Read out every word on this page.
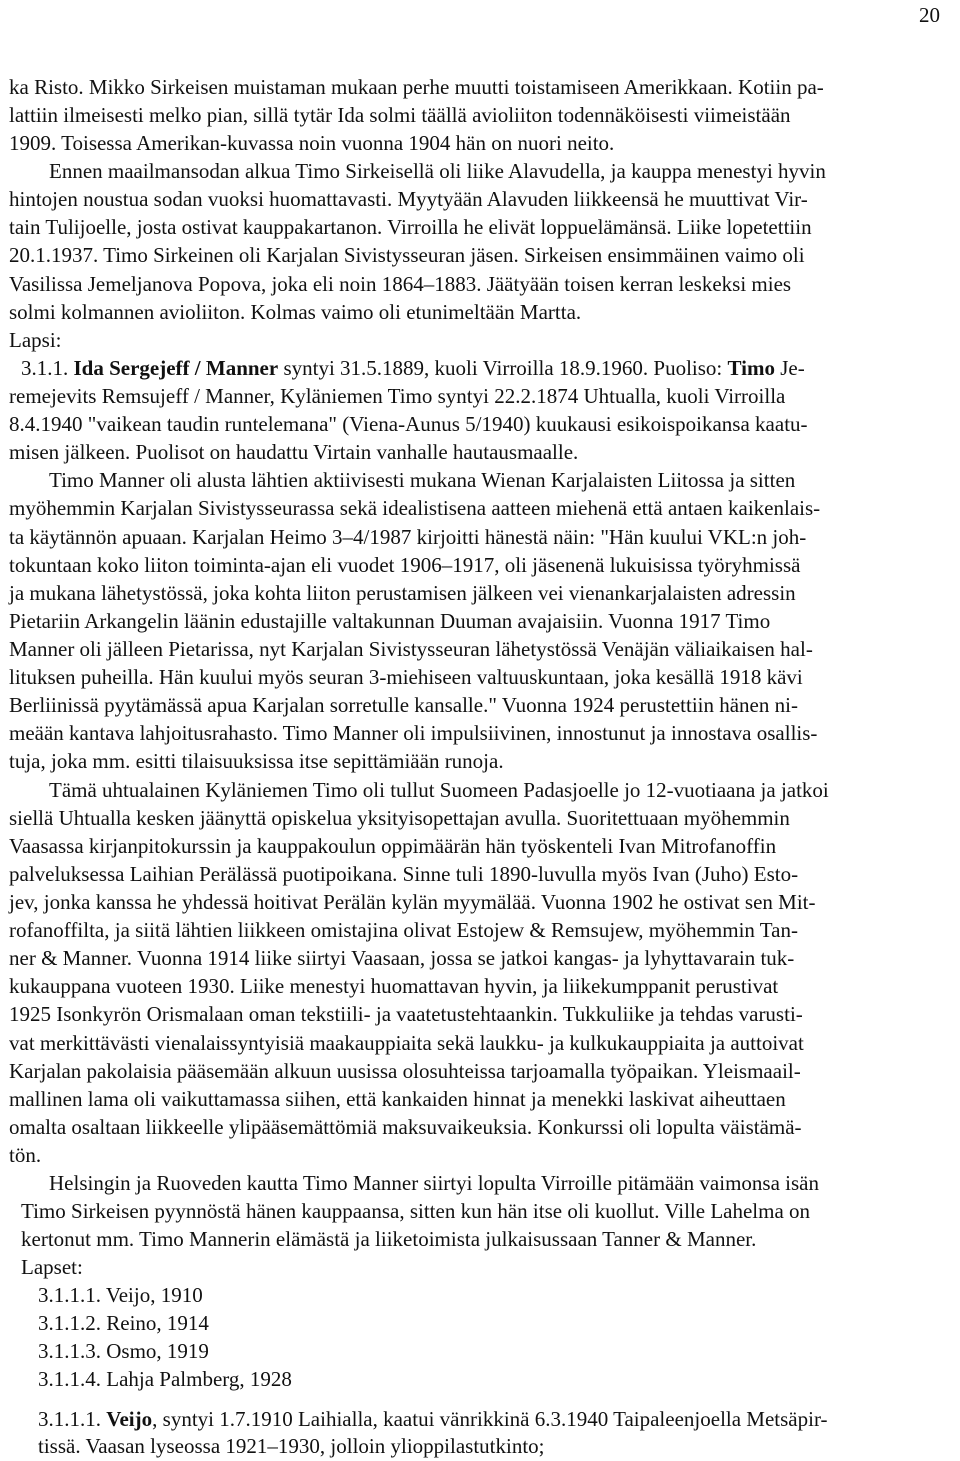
20
ka Risto. Mikko Sirkeisen muistaman mukaan perhe muutti toistamiseen Amerikkaan. Kotiin pa-
lattiin ilmeisesti melko pian, sillä tytär Ida solmi täällä avioliiton todennäköisesti viimeistään
1909. Toisessa Amerikan-kuvassa noin vuonna 1904 hän on nuori neito.
Ennen maailmansodan alkua Timo Sirkeisellä oli liike Alavudella, ja kauppa menestyi hyvin
hintojen noustua sodan vuoksi huomattavasti. Myytyään Alavuden liikkeensä he muuttivat Vir-
tain Tulijoelle, josta ostivat kauppakartanon. Virroilla he elivät loppuelämänsä. Liike lopetettiin
20.1.1937. Timo Sirkeinen oli Karjalan Sivistysseuran jäsen. Sirkeisen ensimmäinen vaimo oli
Vasilissa Jemeljanova Popova, joka eli noin 1864–1883. Jäätyään toisen kerran leskeksi mies
solmi kolmannen avioliiton. Kolmas vaimo oli etunimeltään Martta.
Lapsi:
3.1.1. Ida Sergejeff / Manner syntyi 31.5.1889, kuoli Virroilla 18.9.1960. Puoliso: Timo Je-
remejevits Remsujeff / Manner, Kyläniemen Timo syntyi 22.2.1874 Uhtualla, kuoli Virroilla
8.4.1940 "vaikean taudin runtelemana" (Viena-Aunus 5/1940) kuukausi esikoispoikansa kaatu-
misen jälkeen. Puolisot on haudattu Virtain vanhalle hautausmaalle.
Timo Manner oli alusta lähtien aktiivisesti mukana Wienan Karjalaisten Liitossa ja sitten
myöhemmin Karjalan Sivistysseurassa sekä idealistisena aatteen miehenä että antaen kaikenlais-
ta käytännön apuaan. Karjalan Heimo 3–4/1987 kirjoitti hänestä näin: "Hän kuului VKL:n joh-
tokuntaan koko liiton toiminta-ajan eli vuodet 1906–1917, oli jäsenenä lukuisissa työryhmissä
ja mukana lähetystössä, joka kohta liiton perustamisen jälkeen vei vienankarjalaisten adressin
Pietariin Arkangelin läänin edustajille valtakunnan Duuman avajaisiin. Vuonna 1917 Timo
Manner oli jälleen Pietarissa, nyt Karjalan Sivistysseuran lähetystössä Venäjän väliaikaisen hal-
lituksen puheilla. Hän kuului myös seuran 3-miehiseen valtuuskuntaan, joka kesällä 1918 kävi
Berliinissä pyytämässä apua Karjalan sorretulle kansalle." Vuonna 1924 perustettiin hänen ni-
meään kantava lahjoitusrahasto. Timo Manner oli impulsiivinen, innostunut ja innostava osallis-
tuja, joka mm. esitti tilaisuuksissa itse sepittämiään runoja.
Tämä uhtualainen Kyläniemen Timo oli tullut Suomeen Padasjoelle jo 12-vuotiaana ja jatkoi
siellä Uhtualla kesken jäänyttä opiskelua yksityisopettajan avulla. Suoritettuaan myöhemmin
Vaasassa kirjanpitokurssin ja kauppakoulun oppimäärän hän työskenteli Ivan Mitrofanoffin
palveluksessa Laihian Perälässä puotipoikana. Sinne tuli 1890-luvulla myös Ivan (Juho) Esto-
jev, jonka kanssa he yhdessä hoitivat Perälän kylän myymälää. Vuonna 1902 he ostivat sen Mit-
rofanoffilta, ja siitä lähtien liikkeen omistajina olivat Estojew & Remsujew, myöhemmin Tan-
ner & Manner. Vuonna 1914 liike siirtyi Vaasaan, jossa se jatkoi kangas- ja lyhyttavarain tuk-
kukauppana vuoteen 1930. Liike menestyi huomattavan hyvin, ja liikekumppanit perustivat
1925 Isonkyrön Orismalaan oman tekstiili- ja vaatetustehtaankin. Tukkuliike ja tehdas varusti-
vat merkittävästi vienalaissyntyisiä maakauppiaita sekä laukku- ja kulkukauppiaita ja auttoivat
Karjalan pakolaisia pääsemään alkuun uusissa olosuhteissa tarjoamalla työpaikan. Yleismaail-
mallinen lama oli vaikuttamassa siihen, että kankaiden hinnat ja menekki laskivat aiheuttaen
omalta osaltaan liikkeelle ylipääsemättömiä maksuvaikeuksia. Konkurssi oli lopulta väistämä-
tön.
Helsingin ja Ruoveden kautta Timo Manner siirtyi lopulta Virroille pitämään vaimonsa isän
Timo Sirkeisen pyynnöstä hänen kauppaansa, sitten kun hän itse oli kuollut. Ville Lahelma on
kertonut mm. Timo Mannerin elämästä ja liiketoimista julkaisussaan Tanner & Manner.
Lapset:
3.1.1.1. Veijo, 1910
3.1.1.2. Reino, 1914
3.1.1.3. Osmo, 1919
3.1.1.4. Lahja Palmberg, 1928
3.1.1.1. Veijo, syntyi 1.7.1910 Laihialla, kaatui vänrikkinä 6.3.1940 Taipaleenjoella Metsäpir-
tissä. Vaasan lyseossa 1921–1930, jolloin ylioppilastutkinto;
